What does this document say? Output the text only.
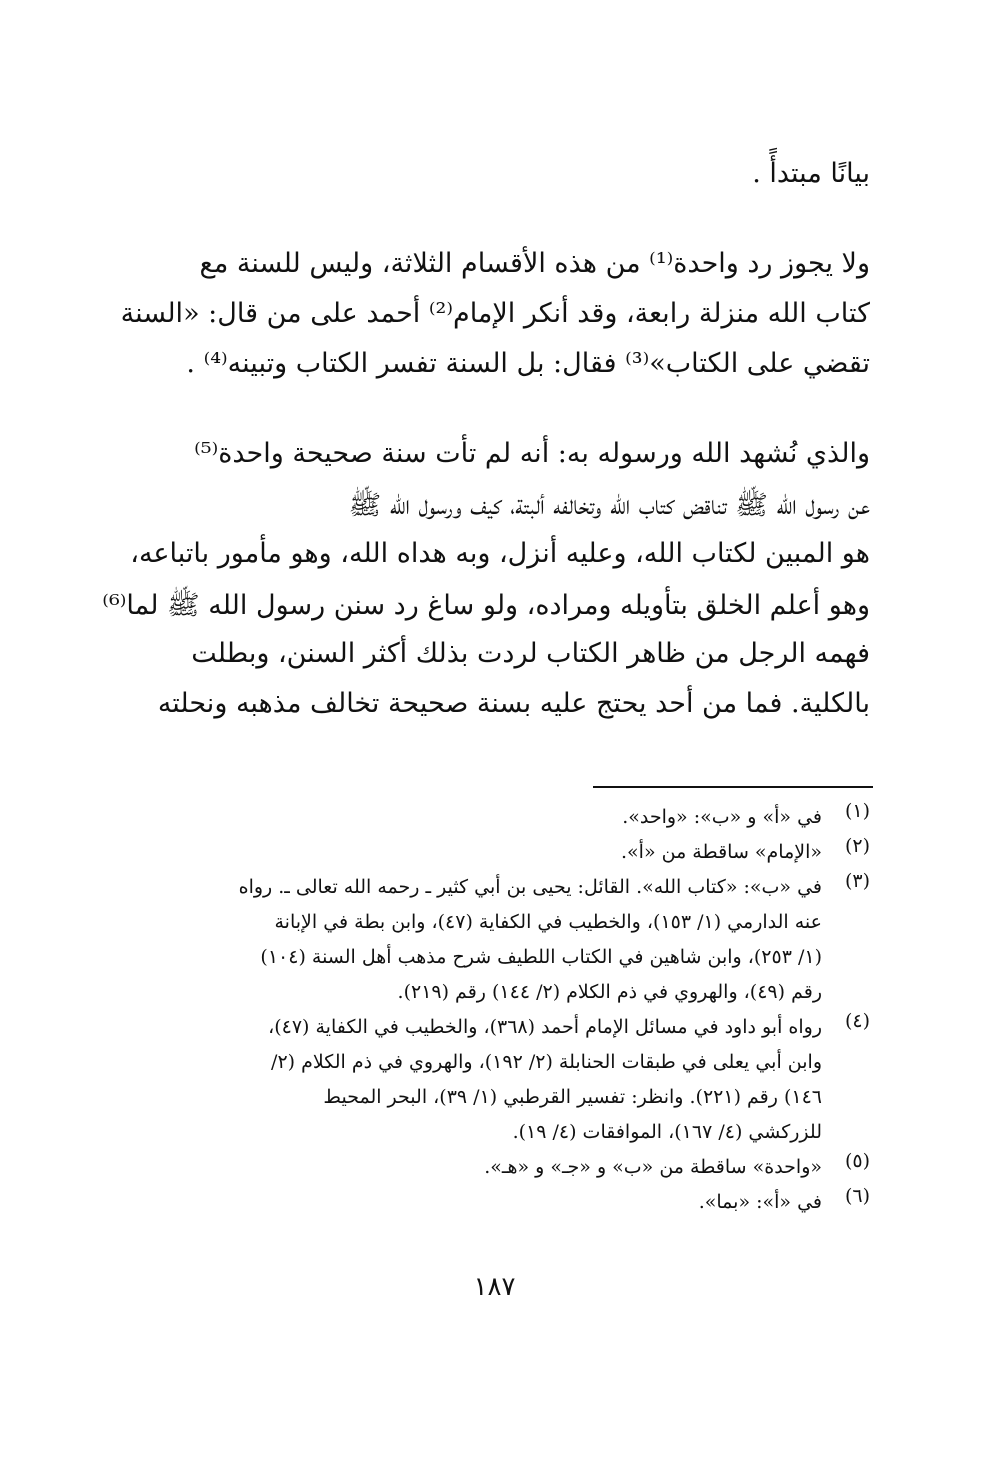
بيانًا مبتدأً .

ولا يجوز رد واحدة⁽¹⁾ من هذه الأقسام الثلاثة، وليس للسنة مع

كتاب الله منزلة رابعة، وقد أنكر الإمام⁽²⁾ أحمد على من قال: «السنة

تقضي على الكتاب»⁽³⁾ فقال: بل السنة تفسر الكتاب وتبينه⁽⁴⁾ .

والذي نُشهد الله ورسوله به: أنه لم تأت سنة صحيحة واحدة⁽⁵⁾

عن رسول الله ﷺ تناقض كتاب الله وتخالفه ألبتة، كيف ورسول الله ﷺ

هو المبين لكتاب الله، وعليه أنزل، وبه هداه الله، وهو مأمور باتباعه،

وهو أعلم الخلق بتأويله ومراده، ولو ساغ رد سنن رسول الله ﷺ لما⁽⁶⁾

فهمه الرجل من ظاهر الكتاب لردت بذلك أكثر السنن، وبطلت

بالكلية. فما من أحد يحتج عليه بسنة صحيحة تخالف مذهبه ونحلته

(١)

في «أ» و «ب»: «واحد».

(٢)

«الإمام» ساقطة من «أ».

(٣)

في «ب»: «كتاب الله». القائل: يحيى بن أبي كثير ـ رحمه الله تعالى ـ. رواه

عنه الدارمي (١/ ١٥٣)، والخطيب في الكفاية (٤٧)، وابن بطة في الإبانة

(١/ ٢٥٣)، وابن شاهين في الكتاب اللطيف شرح مذهب أهل السنة (١٠٤)

رقم (٤٩)، والهروي في ذم الكلام (٢/ ١٤٤) رقم (٢١٩).

(٤)

رواه أبو داود في مسائل الإمام أحمد (٣٦٨)، والخطيب في الكفاية (٤٧)،

وابن أبي يعلى في طبقات الحنابلة (٢/ ١٩٢)، والهروي في ذم الكلام (٢/

١٤٦) رقم (٢٢١). وانظر: تفسير القرطبي (١/ ٣٩)، البحر المحيط

للزركشي (٤/ ١٦٧)، الموافقات (٤/ ١٩).

(٥)

«واحدة» ساقطة من «ب» و «جـ» و «هـ».

(٦)

في «أ»: «بما».

١٨٧
